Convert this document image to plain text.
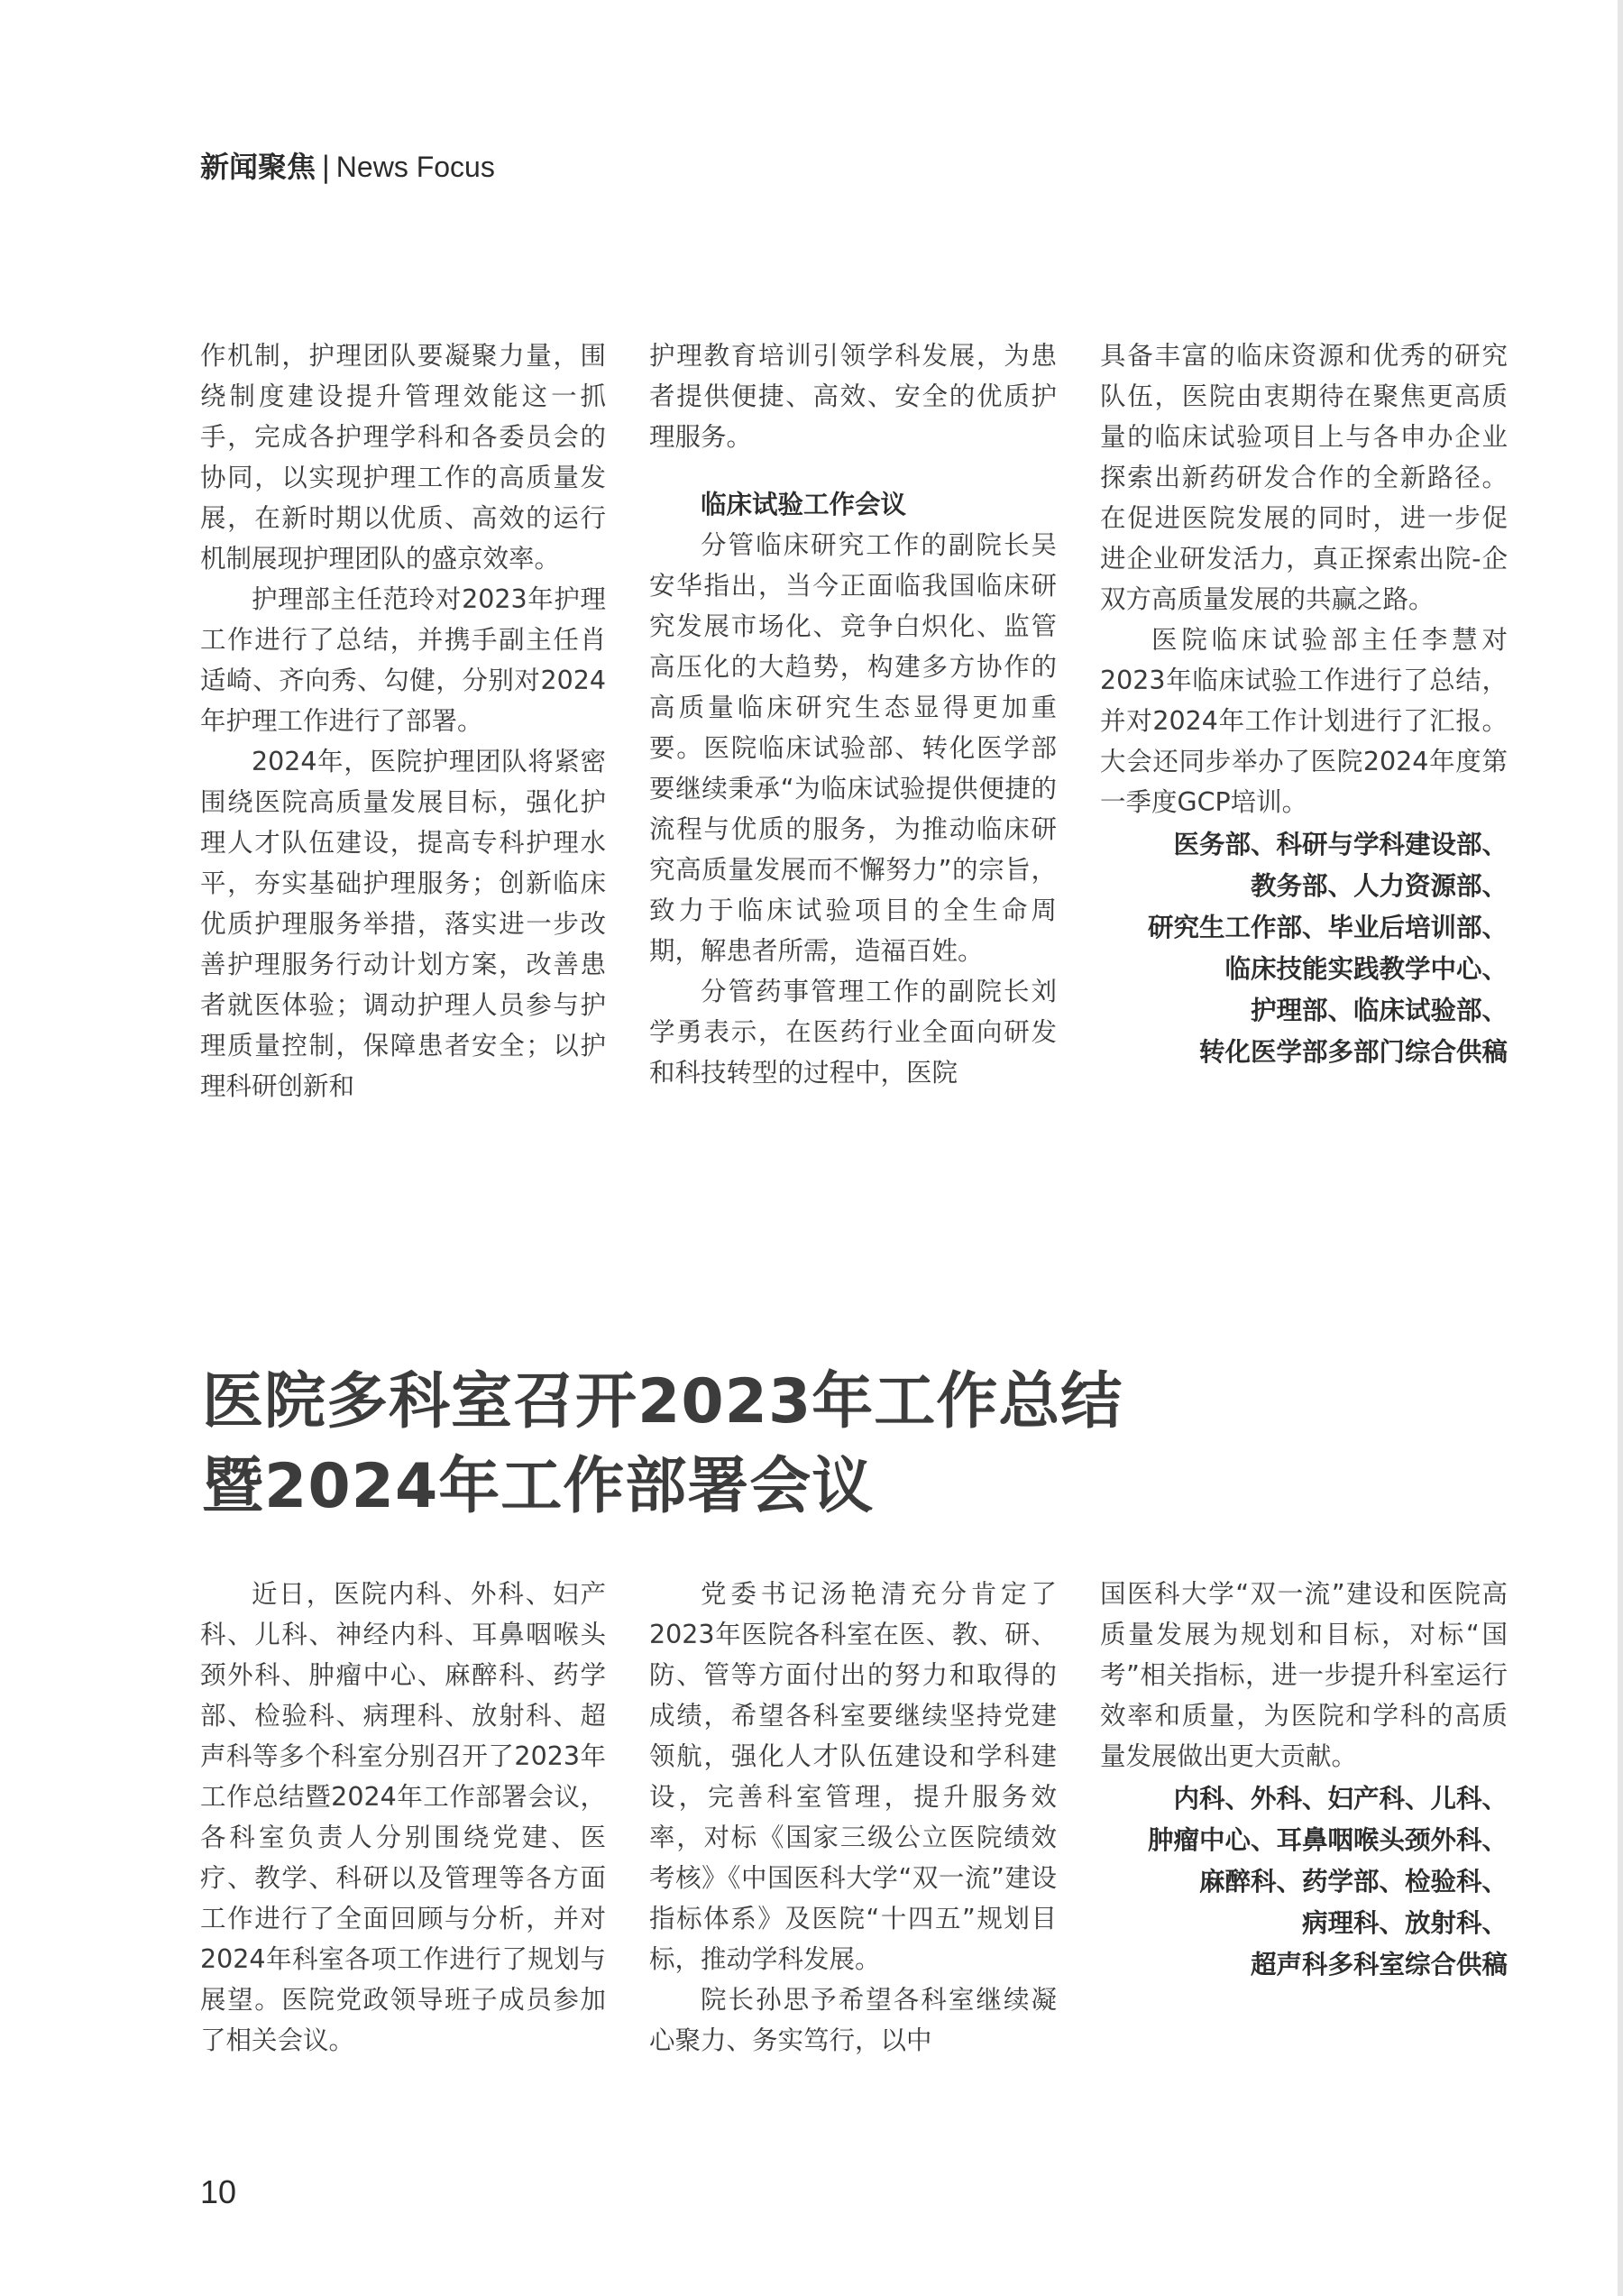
新闻聚焦 | News Focus

作机制，护理团队要凝聚力量，围绕制度建设提升管理效能这一抓手，完成各护理学科和各委员会的协同，以实现护理工作的高质量发展，在新时期以优质、高效的运行机制展现护理团队的盛京效率。

护理部主任范玲对2023年护理工作进行了总结，并携手副主任肖适崎、齐向秀、勾健，分别对2024年护理工作进行了部署。

2024年，医院护理团队将紧密围绕医院高质量发展目标，强化护理人才队伍建设，提高专科护理水平，夯实基础护理服务；创新临床优质护理服务举措，落实进一步改善护理服务行动计划方案，改善患者就医体验；调动护理人员参与护理质量控制，保障患者安全；以护理科研创新和

护理教育培训引领学科发展，为患者提供便捷、高效、安全的优质护理服务。

临床试验工作会议

分管临床研究工作的副院长吴安华指出，当今正面临我国临床研究发展市场化、竞争白炽化、监管高压化的大趋势，构建多方协作的高质量临床研究生态显得更加重要。医院临床试验部、转化医学部要继续秉承“为临床试验提供便捷的流程与优质的服务，为推动临床研究高质量发展而不懈努力”的宗旨，致力于临床试验项目的全生命周期，解患者所需，造福百姓。

分管药事管理工作的副院长刘学勇表示，在医药行业全面向研发和科技转型的过程中，医院

具备丰富的临床资源和优秀的研究队伍，医院由衷期待在聚焦更高质量的临床试验项目上与各申办企业探索出新药研发合作的全新路径。在促进医院发展的同时，进一步促进企业研发活力，真正探索出院-企双方高质量发展的共赢之路。

医院临床试验部主任李慧对2023年临床试验工作进行了总结，并对2024年工作计划进行了汇报。大会还同步举办了医院2024年度第一季度GCP培训。

医务部、科研与学科建设部、
教务部、人力资源部、
研究生工作部、毕业后培训部、
临床技能实践教学中心、
护理部、临床试验部、
转化医学部多部门综合供稿
医院多科室召开2023年工作总结
暨2024年工作部署会议

近日，医院内科、外科、妇产科、儿科、神经内科、耳鼻咽喉头颈外科、肿瘤中心、麻醉科、药学部、检验科、病理科、放射科、超声科等多个科室分别召开了2023年工作总结暨2024年工作部署会议，各科室负责人分别围绕党建、医疗、教学、科研以及管理等各方面工作进行了全面回顾与分析，并对2024年科室各项工作进行了规划与展望。医院党政领导班子成员参加了相关会议。

党委书记汤艳清充分肯定了2023年医院各科室在医、教、研、防、管等方面付出的努力和取得的成绩，希望各科室要继续坚持党建领航，强化人才队伍建设和学科建设，完善科室管理，提升服务效率，对标《国家三级公立医院绩效考核》《中国医科大学“双一流”建设指标体系》及医院“十四五”规划目标，推动学科发展。

院长孙思予希望各科室继续凝心聚力、务实笃行，以中

国医科大学“双一流”建设和医院高质量发展为规划和目标，对标“国考”相关指标，进一步提升科室运行效率和质量，为医院和学科的高质量发展做出更大贡献。

内科、外科、妇产科、儿科、
肿瘤中心、耳鼻咽喉头颈外科、
麻醉科、药学部、检验科、
病理科、放射科、
超声科多科室综合供稿
10
